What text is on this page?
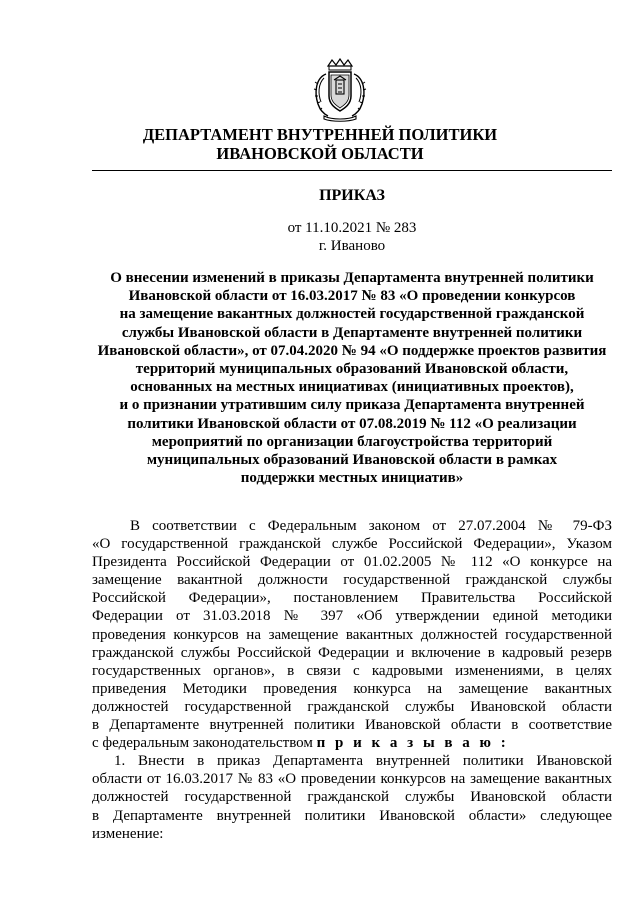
ДЕПАРТАМЕНТ ВНУТРЕННЕЙ ПОЛИТИКИ
ИВАНОВСКОЙ ОБЛАСТИ
ПРИКАЗ
от 11.10.2021 № 283
г. Иваново
О внесении изменений в приказы Департамента внутренней политики
Ивановской области от 16.03.2017 № 83 «О проведении конкурсов
на замещение вакантных должностей государственной гражданской
службы Ивановской области в Департаменте внутренней политики
Ивановской области», от 07.04.2020 № 94 «О поддержке проектов развития
территорий муниципальных образований Ивановской области,
основанных на местных инициативах (инициативных проектов),
и о признании утратившим силу приказа Департамента внутренней
политики Ивановской области от 07.08.2019 № 112 «О реализации
мероприятий по организации благоустройства территорий
муниципальных образований Ивановской области в рамках
поддержки местных инициатив»
В соответствии с Федеральным законом от 27.07.2004 № 79-ФЗ
«О государственной гражданской службе Российской Федерации», Указом
Президента Российской Федерации от 01.02.2005 № 112 «О конкурсе на
замещение вакантной должности государственной гражданской службы
Российской Федерации», постановлением Правительства Российской
Федерации от 31.03.2018 № 397 «Об утверждении единой методики
проведения конкурсов на замещение вакантных должностей государственной
гражданской службы Российской Федерации и включение в кадровый резерв
государственных органов», в связи с кадровыми изменениями, в целях
приведения Методики проведения конкурса на замещение вакантных
должностей государственной гражданской службы Ивановской области
в Департаменте внутренней политики Ивановской области в соответствие
с федеральным законодательством п р и к а з ы в а ю :
1. Внести в приказ Департамента внутренней политики Ивановской
области от 16.03.2017 № 83 «О проведении конкурсов на замещение вакантных
должностей государственной гражданской службы Ивановской области
в Департаменте внутренней политики Ивановской области» следующее
изменение:
